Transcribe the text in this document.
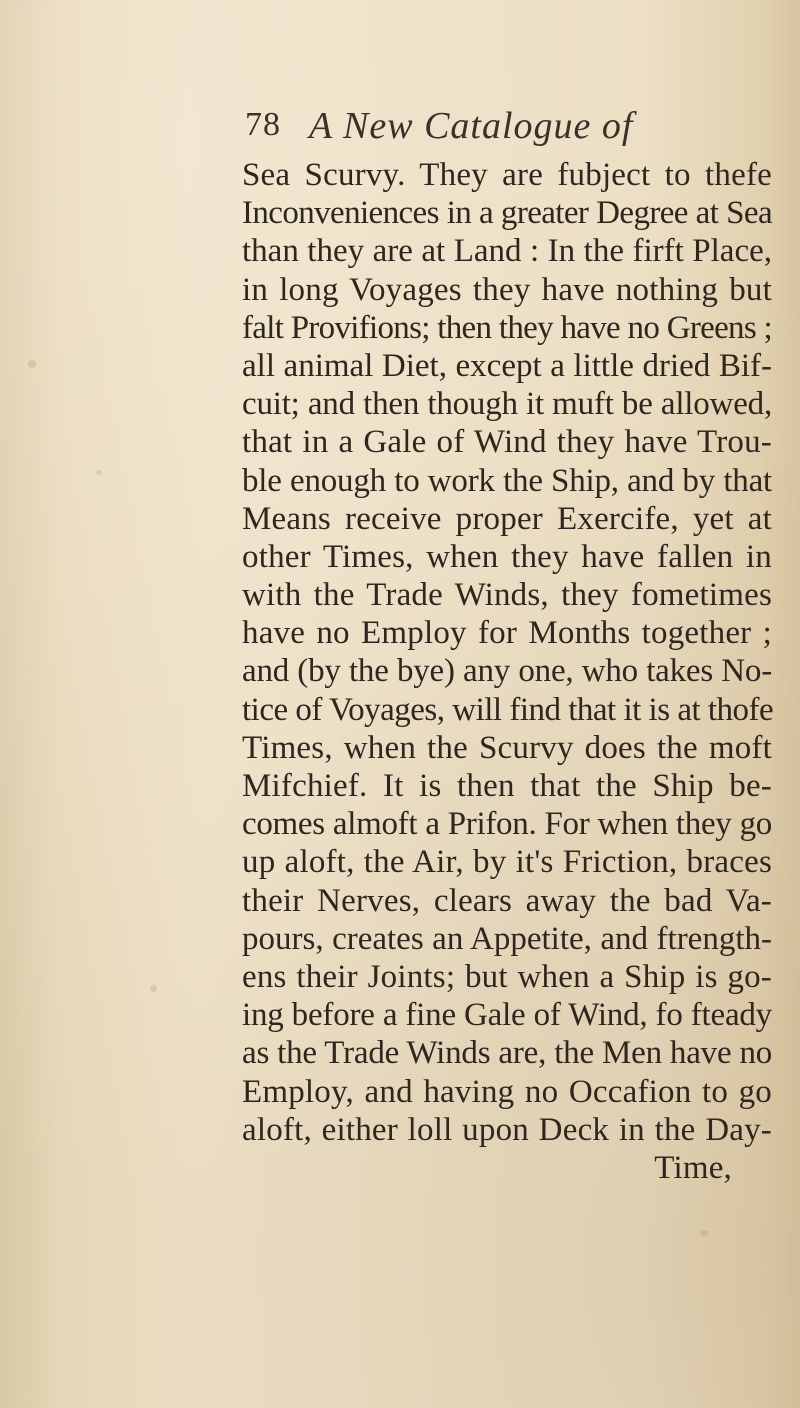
78 A New Catalogue of
Sea Scurvy. They are fubject to thefe
Inconveniences in a greater Degree at Sea
than they are at Land : In the firft Place,
in long Voyages they have nothing but
falt Provifions; then they have no Greens ;
all animal Diet, except a little dried Bif-
cuit; and then though it muft be allowed,
that in a Gale of Wind they have Trou-
ble enough to work the Ship, and by that
Means receive proper Exercife, yet at
other Times, when they have fallen in
with the Trade Winds, they fometimes
have no Employ for Months together ;
and (by the bye) any one, who takes No-
tice of Voyages, will find that it is at thofe
Times, when the Scurvy does the moft
Mifchief. It is then that the Ship be-
comes almoft a Prifon. For when they go
up aloft, the Air, by it's Friction, braces
their Nerves, clears away the bad Va-
pours, creates an Appetite, and ftrength-
ens their Joints; but when a Ship is go-
ing before a fine Gale of Wind, fo fteady
as the Trade Winds are, the Men have no
Employ, and having no Occafion to go
aloft, either loll upon Deck in the Day-
Time,
